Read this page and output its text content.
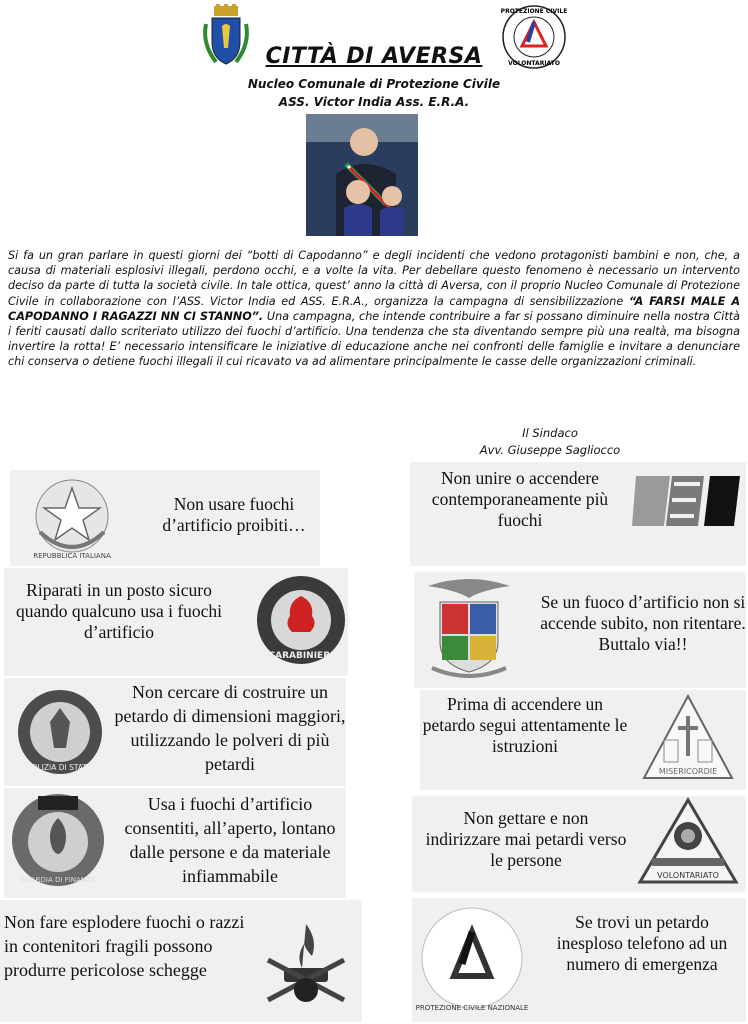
PROTEZIONE CIVILE
VOLONTARIATO
CITTÀ DI AVERSA
Nucleo Comunale di Protezione Civile
ASS. Victor India Ass. E.R.A.
Si fa un gran parlare in questi giorni dei “botti di Capodanno” e degli incidenti che vedono protagonisti bambini e non, che, a causa di materiali esplosivi illegali, perdono occhi, e a volte la vita. Per debellare questo fenomeno è necessario un intervento deciso da parte di tutta la società civile. In tale ottica, quest’ anno la città di Aversa, con il proprio Nucleo Comunale di Protezione Civile in collaborazione con l’ASS. Victor India ed ASS. E.R.A., organizza la campagna di sensibilizzazione “A FARSI MALE A CAPODANNO I RAGAZZI NN CI STANNO”. Una campagna, che intende contribuire a far si possano diminuire nella nostra Città i feriti causati dallo scriteriato utilizzo dei fuochi d’artificio. Una tendenza che sta diventando sempre più una realtà, ma bisogna invertire la rotta! E’ necessario intensificare le iniziative di educazione anche nei confronti delle famiglie e invitare a denunciare chi conserva o detiene fuochi illegali il cui ricavato va ad alimentare principalmente le casse delle organizzazioni criminali.
Il Sindaco
Avv. Giuseppe Sagliocco
REPUBBLICA ITALIANA
Non usare fuochi d’artificio proibiti…
Riparati in un posto sicuro quando qualcuno usa i fuochi d’artificio
CARABINIERI
POLIZIA DI STATO
Non cercare di costruire un petardo di dimensioni maggiori, utilizzando le polveri di più petardi
GUARDIA DI FINANZA
Usa i fuochi d’artificio consentiti, all’aperto, lontano dalle persone e da materiale infiammabile
Non fare esplodere fuochi o razzi in contenitori fragili possono produrre pericolose schegge
Non unire o accendere contemporaneamente più fuochi
Se un fuoco d’artificio non si accende subito, non ritentare. Buttalo via!!
Prima di accendere un petardo segui attentamente le istruzioni
MISERICORDIE
Non gettare e non indirizzare mai petardi verso le persone
VOLONTARIATO
PROTEZIONE CIVILE NAZIONALE
Se trovi un petardo inesploso telefono ad un numero di emergenza
